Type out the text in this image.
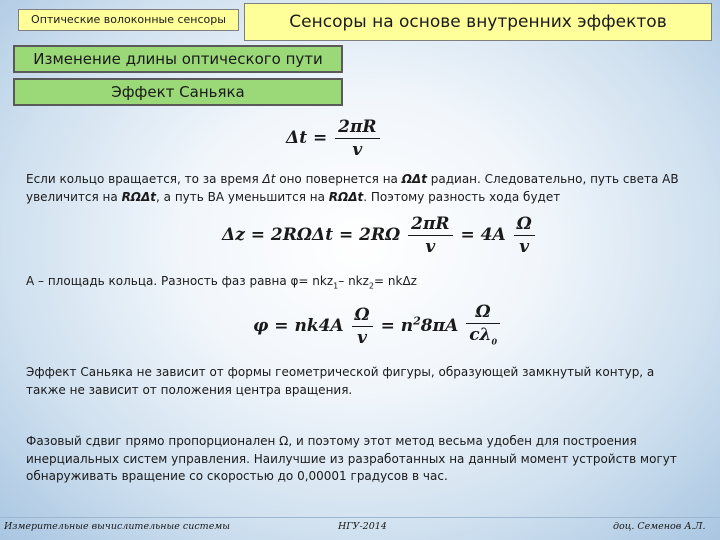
Оптические волоконные сенсоры	Сенсоры на основе внутренних эффектов
Изменение длины оптического пути
Эффект Саньяка
$\Delta t = \frac{2\pi R}{v}$
Если кольцо вращается, то за время Δt оно повернется на ΩΔt радиан. Следовательно, путь света АВ увеличится на RΩΔt, а путь ВА уменьшится на RΩΔt. Поэтому разность хода будет
$\Delta z = 2R\Omega\Delta t = 2R\Omega \frac{2\pi R}{v} = 4A \frac{\Omega}{v}$
А – площадь кольца. Разность фаз равна φ= nkz$_1$– nkz$_2$= nkΔz
$\varphi = nk4A \frac{\Omega}{v} = n^28\pi A \frac{\Omega}{c\lambda_0}$
Эффект Саньяка не зависит от формы геометрической фигуры, образующей замкнутый контур, а также не зависит от положения центра вращения.
Фазовый сдвиг прямо пропорционален Ω, и поэтому этот метод весьма удобен для построения инерциальных систем управления. Наилучшие из разработанных на данный момент устройств могут обнаруживать вращение со скоростью до 0,00001 градусов в час.
Измерительные вычислительные системы	НГУ-2014	доц. Семенов А.Л.
